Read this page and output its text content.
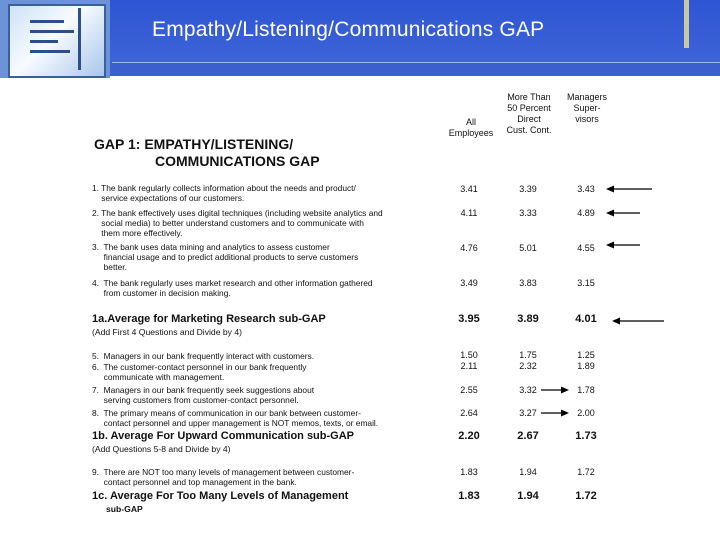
Empathy/Listening/Communications GAP
All
Employees
More Than
50 Percent
Direct
Cust. Cont.
Managers
Super-
visors
GAP 1: EMPATHY/LISTENING/
COMMUNICATIONS GAP
1. The bank regularly collects information about the needs and product/
service expectations of our customers.
3.41	3.39	3.43
2. The bank effectively uses digital techniques (including website analytics and
social media) to better understand customers and to communicate with
them more effectively.
4.11	3.33	4.89
3.  The bank uses data mining and analytics to assess customer
financial usage and to predict additional products to serve customers
better.
4.76	5.01	4.55
4.  The bank regularly uses market research and other information gathered
from customer in decision making.
3.49	3.83	3.15
1a.Average for Marketing Research sub-GAP
(Add First 4 Questions and Divide by 4)
3.95	3.89	4.01
5.  Managers in our bank frequently interact with customers.	1.50	1.75	1.25
6.  The customer-contact personnel in our bank frequently
communicate with management.
2.11	2.32	1.89
7.  Managers in our bank frequently seek suggestions about
serving customers from customer-contact personnel.
2.55	3.32	1.78
8.  The primary means of communication in our bank between customer-
contact personnel and upper management is NOT memos, texts, or email.
2.64	3.27	2.00
1b. Average For Upward Communication sub-GAP
(Add Questions 5-8 and Divide by 4)
2.20	2.67	1.73
9.  There are NOT too many levels of management between customer-
contact personnel and top management in the bank.
1.83	1.94	1.72
1c. Average For Too Many Levels of Management
sub-GAP
1.83	1.94	1.72
